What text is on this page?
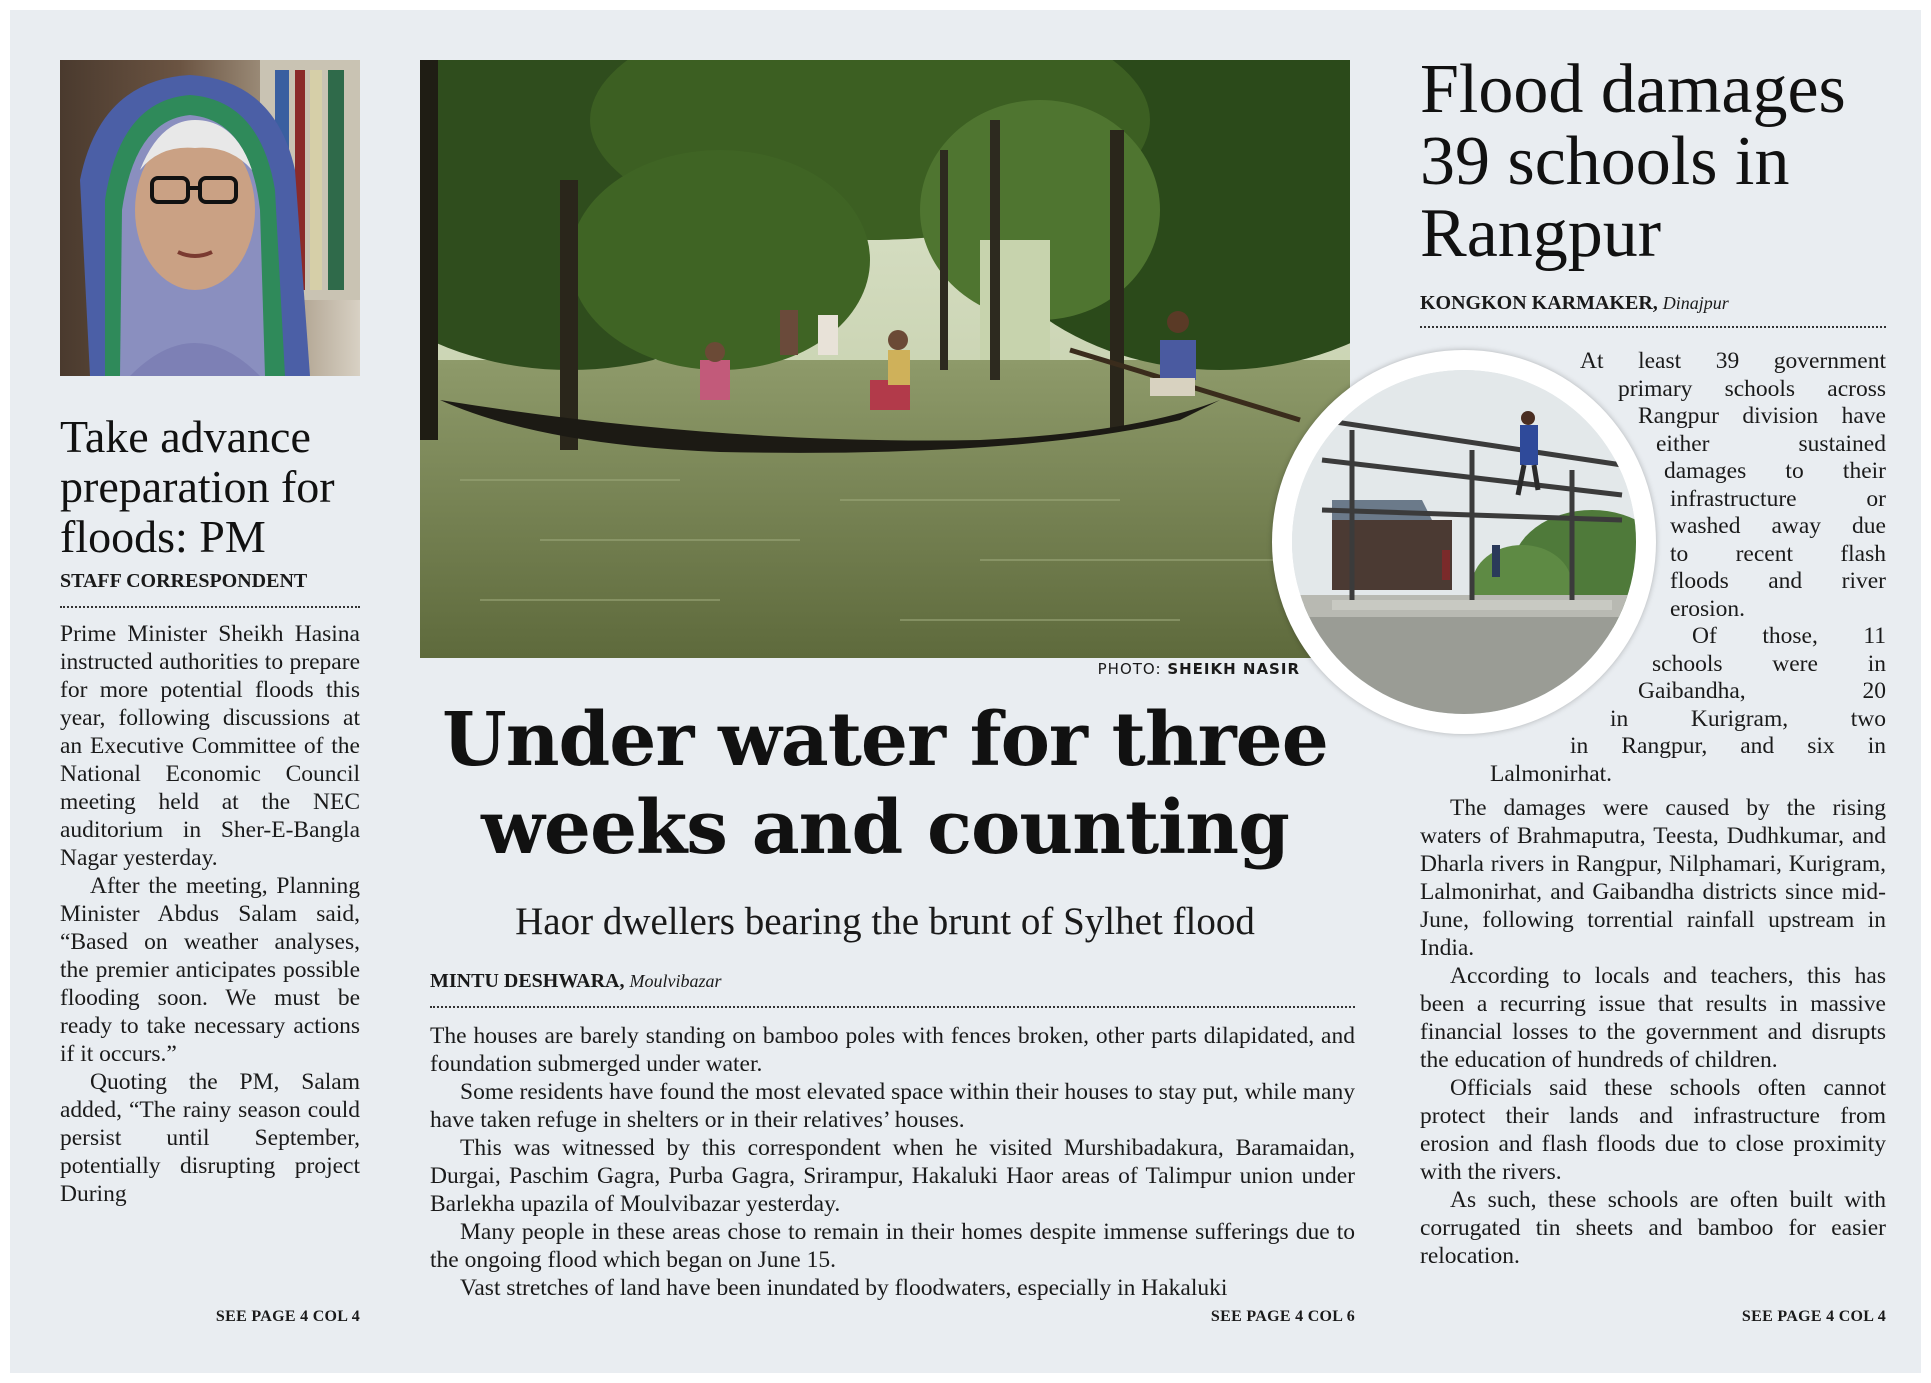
Take advance preparation for floods: PM
STAFF CORRESPONDENT

Prime Minister Sheikh Hasina instructed authorities to prepare for more potential floods this year, following discussions at an Executive Committee of the National Economic Council meeting held at the NEC auditorium in Sher-E-Bangla Nagar yesterday.

After the meeting, Planning Minister Abdus Salam said, “Based on weather analyses, the premier anticipates possible flooding soon. We must be ready to take necessary actions if it occurs.”

Quoting the PM, Salam added, “The rainy season could persist until September, potentially disrupting project During

SEE PAGE 4 COL 4
PHOTO: SHEIKH NASIR
Under water for three weeks and counting
Haor dwellers bearing the brunt of Sylhet flood
MINTU DESHWARA, Moulvibazar

The houses are barely standing on bamboo poles with fences broken, other parts dilapidated, and foundation submerged under water.

Some residents have found the most elevated space within their houses to stay put, while many have taken refuge in shelters or in their relatives’ houses.

This was witnessed by this correspondent when he visited Murshibadakura, Baramaidan, Durgai, Paschim Gagra, Purba Gagra, Srirampur, Hakaluki Haor areas of Talimpur union under Barlekha upazila of Moulvibazar yesterday.

Many people in these areas chose to remain in their homes despite immense sufferings due to the ongoing flood which began on June 15.

Vast stretches of land have been inundated by floodwaters, especially in Hakaluki

SEE PAGE 4 COL 6
Flood damages 39 schools in Rangpur
KONGKON KARMAKER, Dinajpur
At least 39 government
primary schools across
Rangpur division have
either sustained
damages to their
infrastructure or
washed away due
to recent flash
floods and river
erosion.
Of those, 11
schools were in
Gaibandha, 20
in Kurigram, two
in Rangpur, and six in
Lalmonirhat.

The damages were caused by the rising waters of Brahmaputra, Teesta, Dudhkumar, and Dharla rivers in Rangpur, Nilphamari, Kurigram, Lalmonirhat, and Gaibandha districts since mid-June, following torrential rainfall upstream in India.

According to locals and teachers, this has been a recurring issue that results in massive financial losses to the government and disrupts the education of hundreds of children.

Officials said these schools often cannot protect their lands and infrastructure from erosion and flash floods due to close proximity with the rivers.

As such, these schools are often built with corrugated tin sheets and bamboo for easier relocation.

SEE PAGE 4 COL 4
